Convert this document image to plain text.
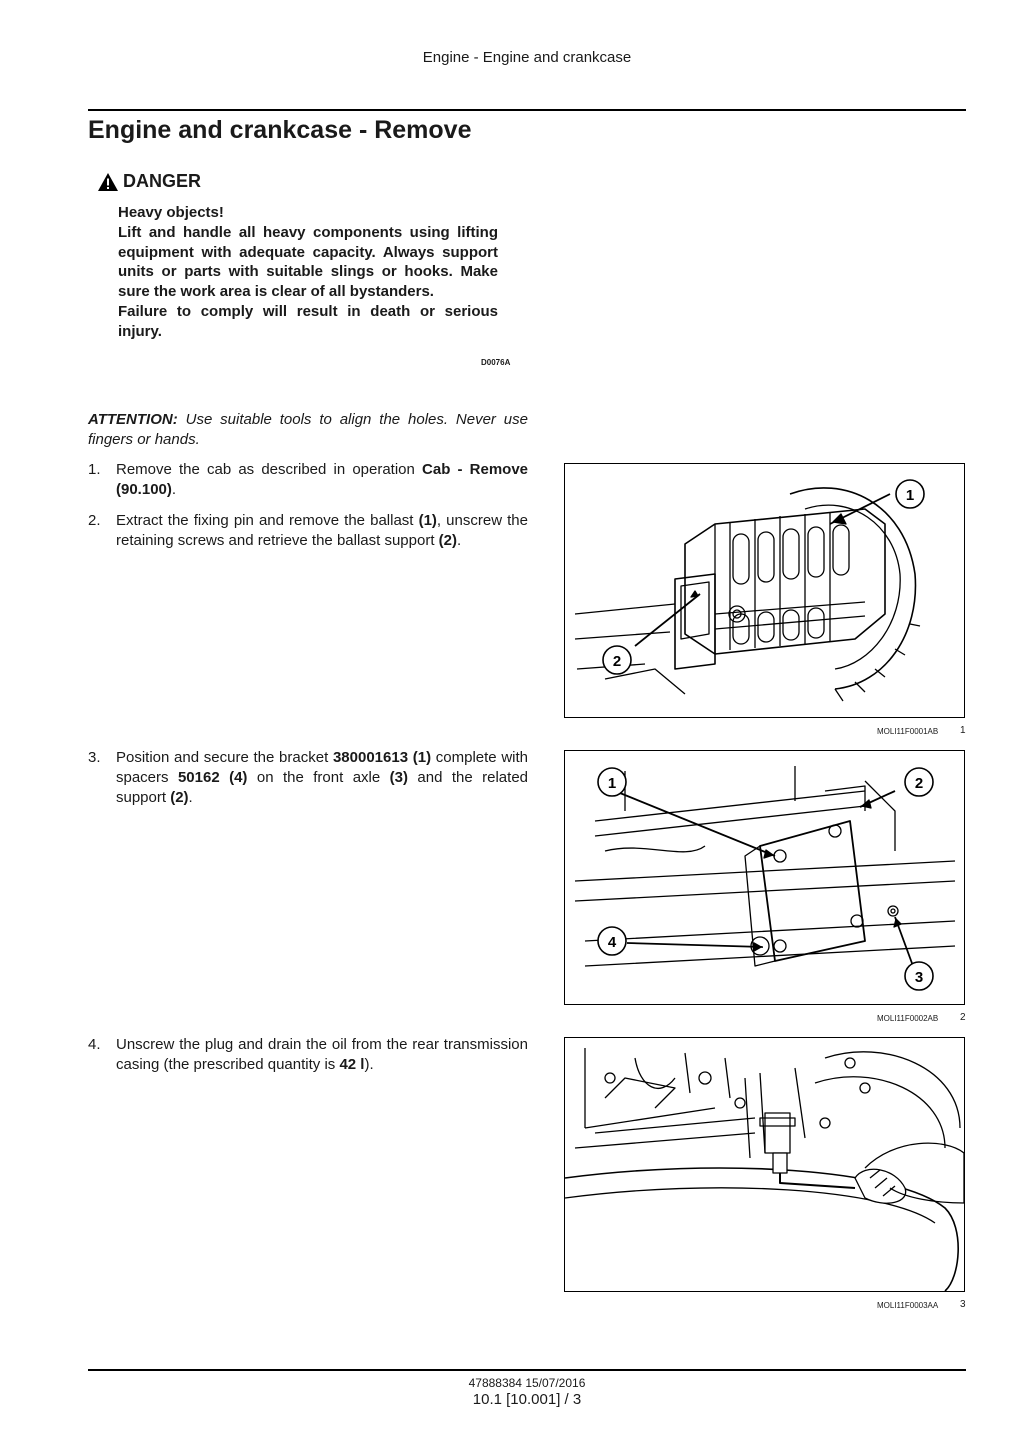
Engine - Engine and crankcase
Engine and crankcase - Remove
DANGER

Heavy objects!

Lift and handle all heavy components using lifting equipment with adequate capacity. Always support units or parts with suitable slings or hooks. Make sure the work area is clear of all bystanders.

Failure to comply will result in death or serious injury.

D0076A
ATTENTION: Use suitable tools to align the holes. Never use fingers or hands.
1. Remove the cab as described in operation Cab - Remove (90.100).
2. Extract the fixing pin and remove the ballast (1), unscrew the retaining screws and retrieve the ballast support (2).
3. Position and secure the bracket 380001613 (1) complete with spacers 50162 (4) on the front axle (3) and the related support (2).
4. Unscrew the plug and drain the oil from the rear transmission casing (the prescribed quantity is 42 l).
1
2
MOLI11F0001AB 1
1	2
4
3
MOLI11F0002AB 2
MOLI11F0003AA 3
47888384 15/07/2016
10.1 [10.001] / 3
